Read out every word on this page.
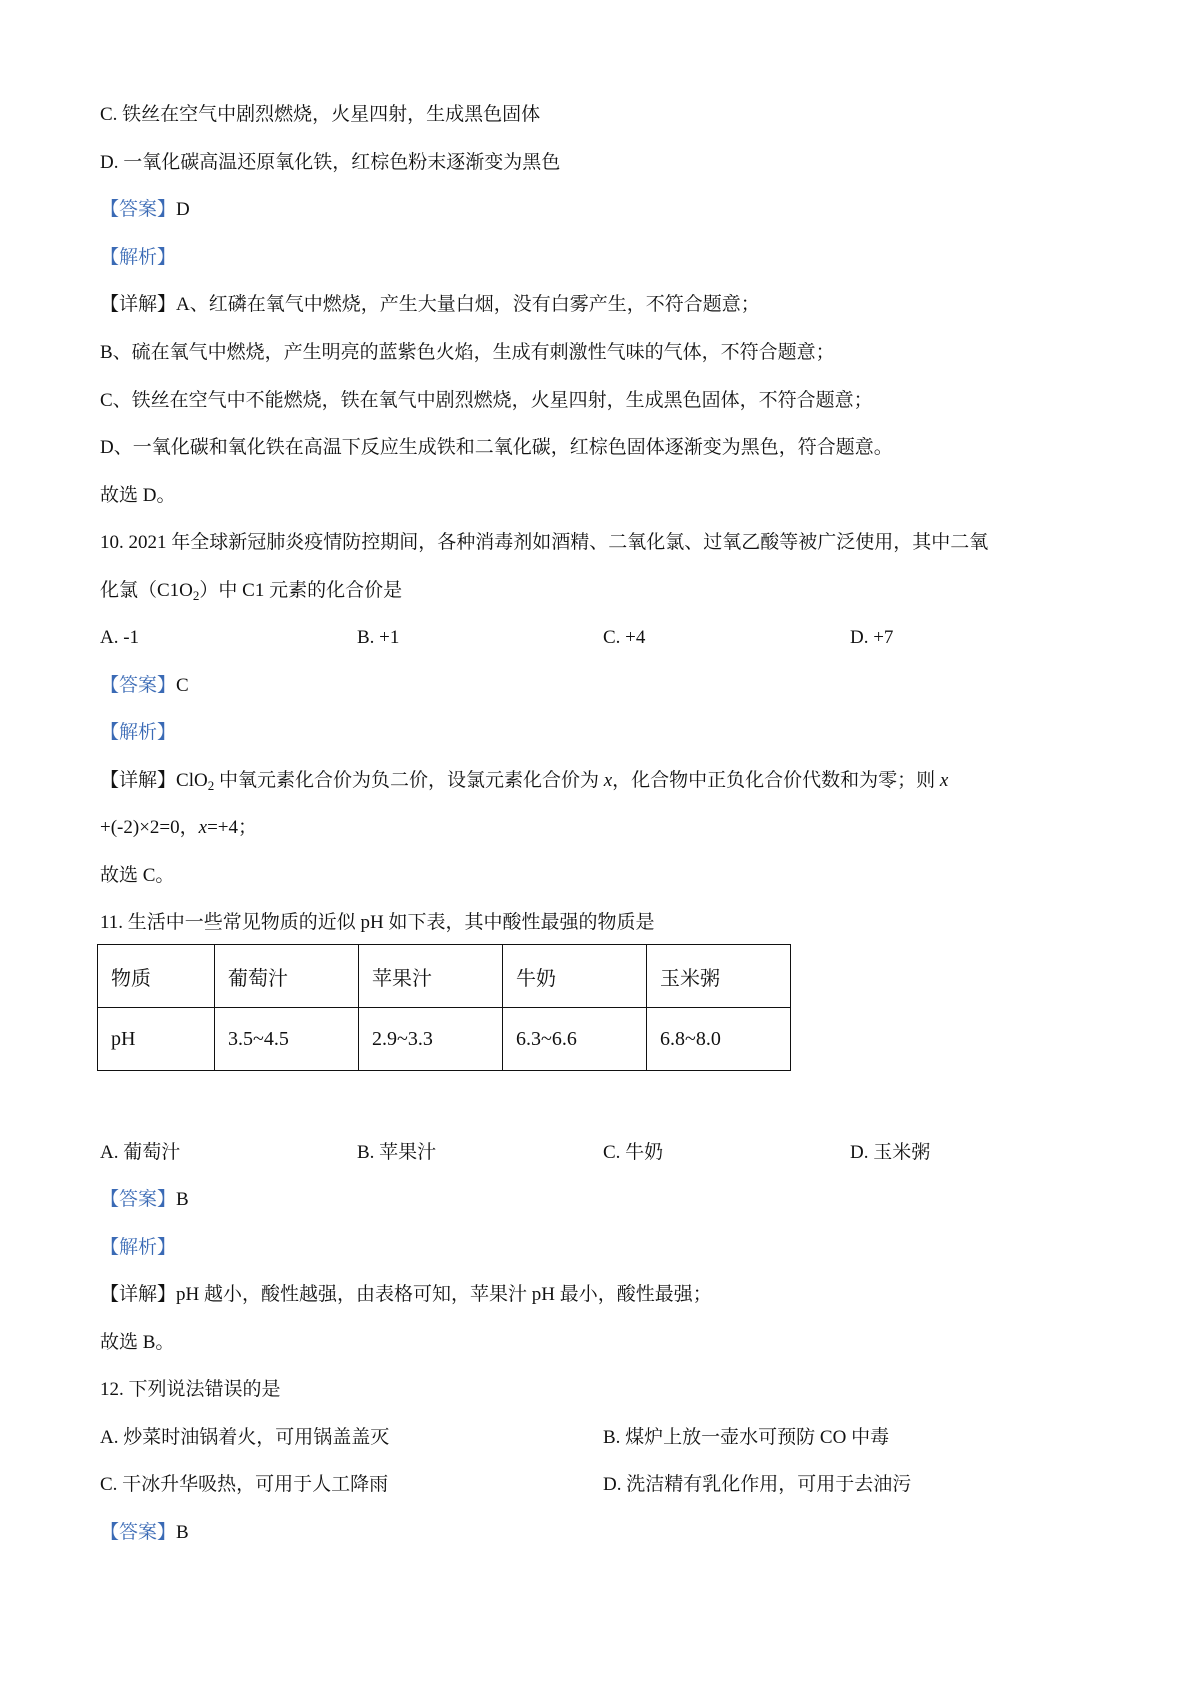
C. 铁丝在空气中剧烈燃烧，火星四射，生成黑色固体
D. 一氧化碳高温还原氧化铁，红棕色粉末逐渐变为黑色
【答案】D
【解析】
【详解】A、红磷在氧气中燃烧，产生大量白烟，没有白雾产生，不符合题意；
B、硫在氧气中燃烧，产生明亮的蓝紫色火焰，生成有刺激性气味的气体，不符合题意；
C、铁丝在空气中不能燃烧，铁在氧气中剧烈燃烧，火星四射，生成黑色固体，不符合题意；
D、一氧化碳和氧化铁在高温下反应生成铁和二氧化碳，红棕色固体逐渐变为黑色，符合题意。
故选 D。
10. 2021 年全球新冠肺炎疫情防控期间，各种消毒剂如酒精、二氧化氯、过氧乙酸等被广泛使用，其中二氧
化氯$(C1O_2)$中 C1 元素的化合价是
A. -1	B. +1	C. +4	D. +7
【答案】C
【解析】
【详解】ClO$_2$ 中氧元素化合价为负二价，设氯元素化合价为 x，化合物中正负化合价代数和为零；则 x
+(-2)×2=0，x=+4；
故选 C。
11. 生活中一些常见物质的近似 pH 如下表，其中酸性最强的物质是
物质	葡萄汁	苹果汁	牛奶	玉米粥
pH	3.5~4.5	2.9~3.3	6.3~6.6	6.8~8.0
A. 葡萄汁	B. 苹果汁	C. 牛奶	D. 玉米粥
【答案】B
【解析】
【详解】pH 越小，酸性越强，由表格可知，苹果汁 pH 最小，酸性最强；
故选 B。
12. 下列说法错误的是
A. 炒菜时油锅着火，可用锅盖盖灭	B. 煤炉上放一壶水可预防 CO 中毒
C. 干冰升华吸热，可用于人工降雨	D. 洗洁精有乳化作用，可用于去油污
【答案】B
